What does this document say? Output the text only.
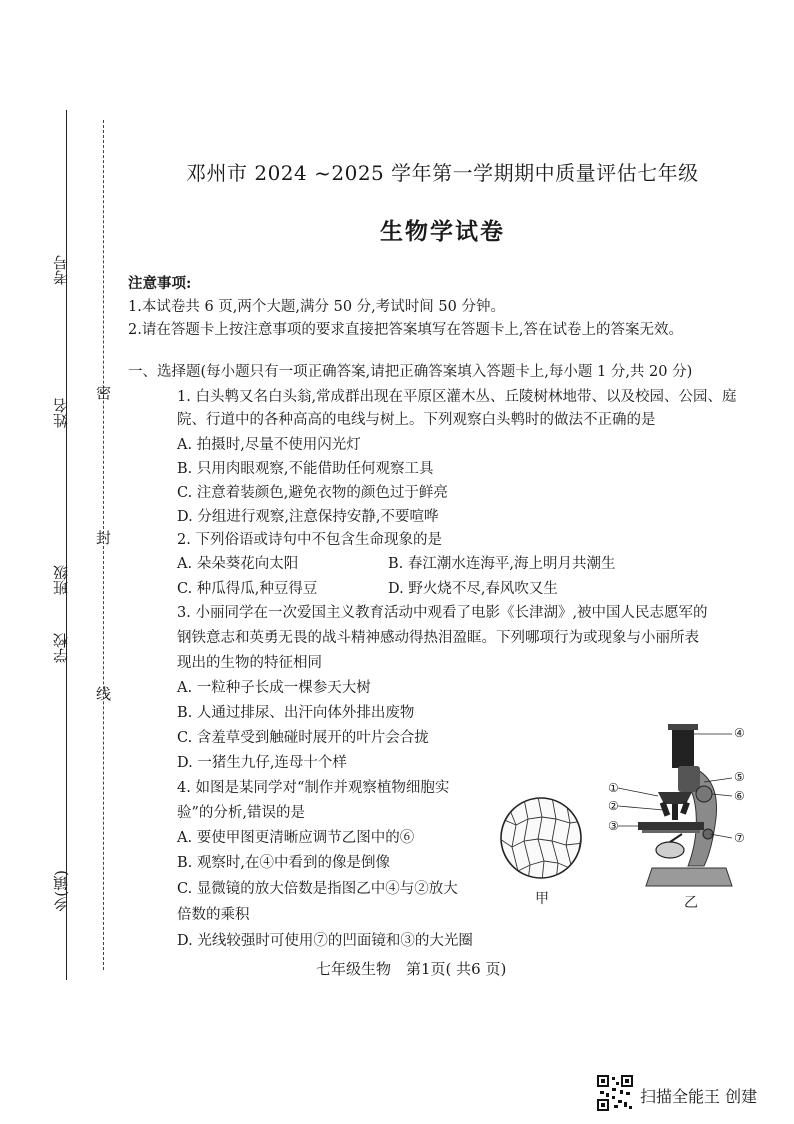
考号
姓名
班级
学校
乡(镇)
密
封
线
邓州市 2024 ~2025 学年第一学期期中质量评估七年级
生物学试卷
注意事项:
1.本试卷共 6 页,两个大题,满分 50 分,考试时间 50 分钟。
2.请在答题卡上按注意事项的要求直接把答案填写在答题卡上,答在试卷上的答案无效。
一、选择题(每小题只有一项正确答案,请把正确答案填入答题卡上,每小题 1 分,共 20 分)
1. 白头鹎又名白头翁,常成群出现在平原区灌木丛、丘陵树林地带、以及校园、公园、庭
院、行道中的各种高高的电线与树上。下列观察白头鹎时的做法不正确的是
A. 拍摄时,尽量不使用闪光灯
B. 只用肉眼观察,不能借助任何观察工具
C. 注意着装颜色,避免衣物的颜色过于鲜亮
D. 分组进行观察,注意保持安静,不要喧哗
2. 下列俗语或诗句中不包含生命现象的是
A. 朵朵葵花向太阳	B. 春江潮水连海平,海上明月共潮生
C. 种瓜得瓜,种豆得豆	D. 野火烧不尽,春风吹又生
3. 小丽同学在一次爱国主义教育活动中观看了电影《长津湖》,被中国人民志愿军的
钢铁意志和英勇无畏的战斗精神感动得热泪盈眶。下列哪项行为或现象与小丽所表
现出的生物的特征相同
A. 一粒种子长成一棵参天大树
B. 人通过排尿、出汗向体外排出废物
C. 含羞草受到触碰时展开的叶片会合拢
D. 一猪生九仔,连母十个样
4. 如图是某同学对“制作并观察植物细胞实
验”的分析,错误的是
A. 要使甲图更清晰应调节乙图中的⑥
B. 观察时,在④中看到的像是倒像
C. 显微镜的放大倍数是指图乙中④与②放大
倍数的乘积
D. 光线较强时可使用⑦的凹面镜和③的大光圈
甲
④
⑤
⑥
⑦
①
②
③
乙
七年级生物　第1页( 共6 页)
扫描全能王 创建
